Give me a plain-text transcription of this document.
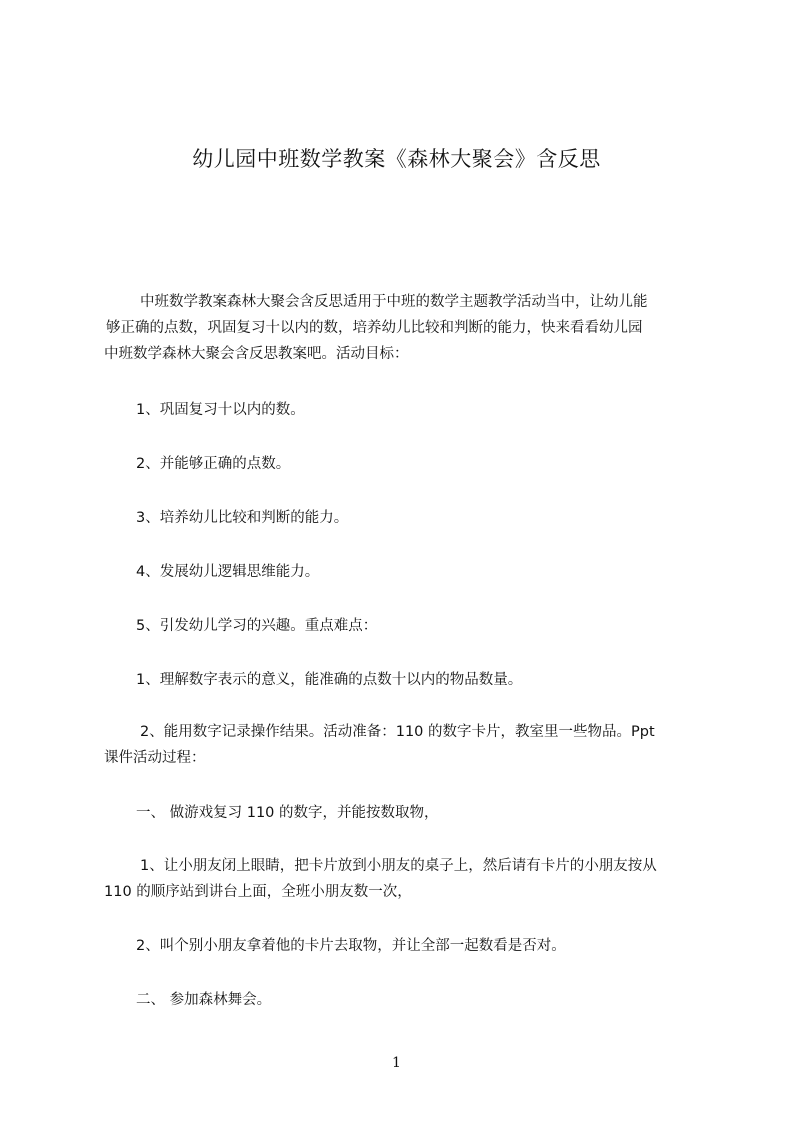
幼儿园中班数学教案《森林大聚会》含反思
中班数学教案森林大聚会含反思适用于中班的数学主题教学活动当中，让幼儿能
够正确的点数，巩固复习十以内的数，培养幼儿比较和判断的能力，快来看看幼儿园
中班数学森林大聚会含反思教案吧。活动目标：
1、巩固复习十以内的数。
2、并能够正确的点数。
3、培养幼儿比较和判断的能力。
4、发展幼儿逻辑思维能力。
5、引发幼儿学习的兴趣。重点难点：
1、理解数字表示的意义，能准确的点数十以内的物品数量。
2、能用数字记录操作结果。活动准备：110 的数字卡片，教室里一些物品。Ppt
课件活动过程：
一、 做游戏复习 110 的数字，并能按数取物，
1、让小朋友闭上眼睛，把卡片放到小朋友的桌子上，然后请有卡片的小朋友按从
110 的顺序站到讲台上面，全班小朋友数一次，
2、叫个别小朋友拿着他的卡片去取物，并让全部一起数看是否对。
二、 参加森林舞会。
1
